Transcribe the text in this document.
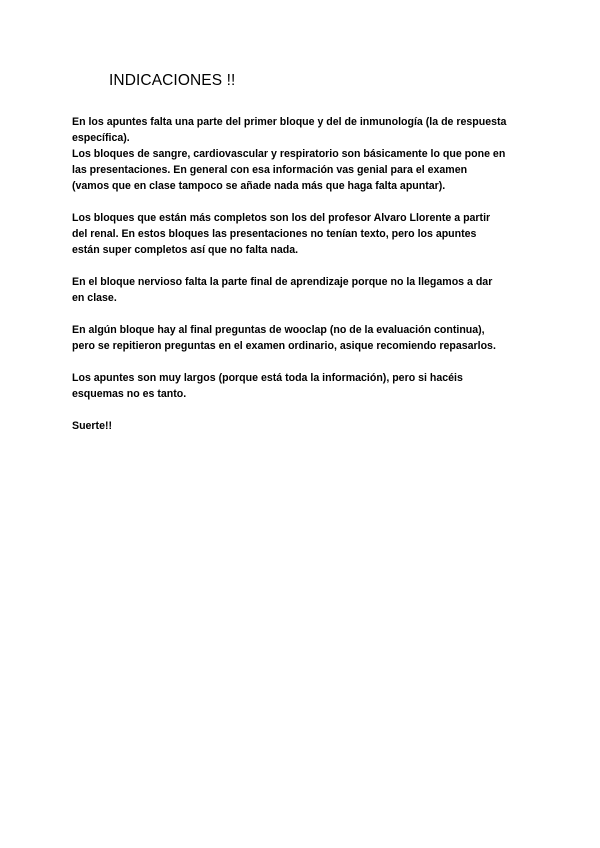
INDICACIONES !!

En los apuntes falta una parte del primer bloque y del de inmunología (la de respuesta
específica).
Los bloques de sangre, cardiovascular y respiratorio son básicamente lo que pone en
las presentaciones. En general con esa información vas genial para el examen
(vamos que en clase tampoco se añade nada más que haga falta apuntar).

Los bloques que están más completos son los del profesor Alvaro Llorente a partir
del renal. En estos bloques las presentaciones no tenían texto, pero los apuntes
están super completos así que no falta nada.

En el bloque nervioso falta la parte final de aprendizaje porque no la llegamos a dar
en clase.

En algún bloque hay al final preguntas de wooclap (no de la evaluación continua),
pero se repitieron preguntas en el examen ordinario, asique recomiendo repasarlos.

Los apuntes son muy largos (porque está toda la información), pero si hacéis
esquemas no es tanto.

Suerte!!
